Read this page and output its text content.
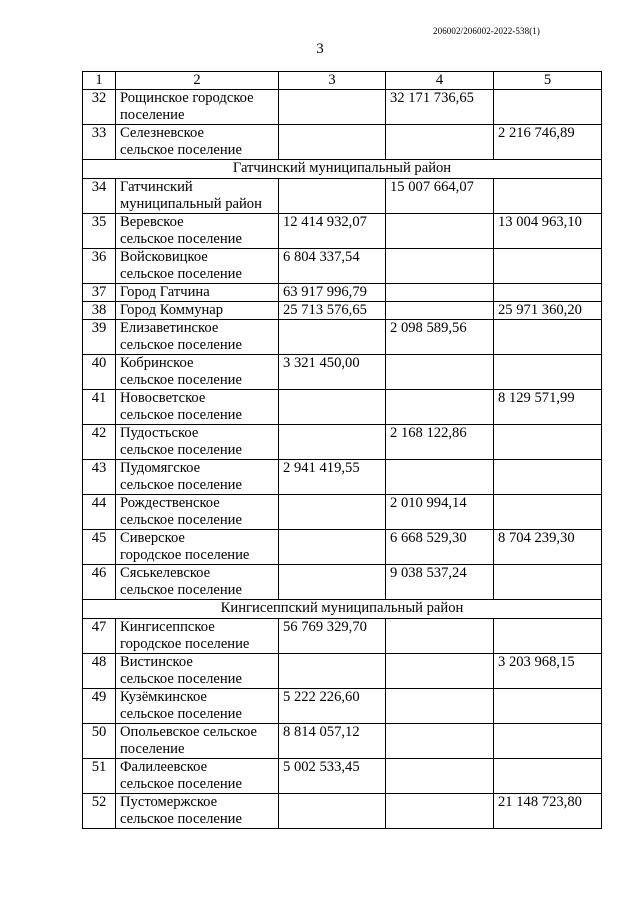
206002/206002-2022-538(1)
3
1	2	3	4	5
32	Рощинское городское
поселение		32 171 736,65	
33	Селезневское
сельское поселение			2 216 746,89
Гатчинский муниципальный район				
34	Гатчинский
муниципальный район		15 007 664,07	
35	Веревское
сельское поселение	12 414 932,07		13 004 963,10
36	Войсковицкое
сельское поселение	6 804 337,54		
37	Город Гатчина	63 917 996,79		
38	Город Коммунар	25 713 576,65		25 971 360,20
39	Елизаветинское
сельское поселение		2 098 589,56	
40	Кобринское
сельское поселение	3 321 450,00		
41	Новосветское
сельское поселение			8 129 571,99
42	Пудостьское
сельское поселение		2 168 122,86	
43	Пудомягское
сельское поселение	2 941 419,55		
44	Рождественское
сельское поселение		2 010 994,14	
45	Сиверское
городское поселение		6 668 529,30	8 704 239,30
46	Сяськелевское
сельское поселение		9 038 537,24	
Кингисеппский муниципальный район				
47	Кингисеппское
городское поселение	56 769 329,70		
48	Вистинское
сельское поселение			3 203 968,15
49	Кузёмкинское
сельское поселение	5 222 226,60		
50	Опольевское сельское
поселение	8 814 057,12		
51	Фалилеевское
сельское поселение	5 002 533,45		
52	Пустомержское
сельское поселение			21 148 723,80
